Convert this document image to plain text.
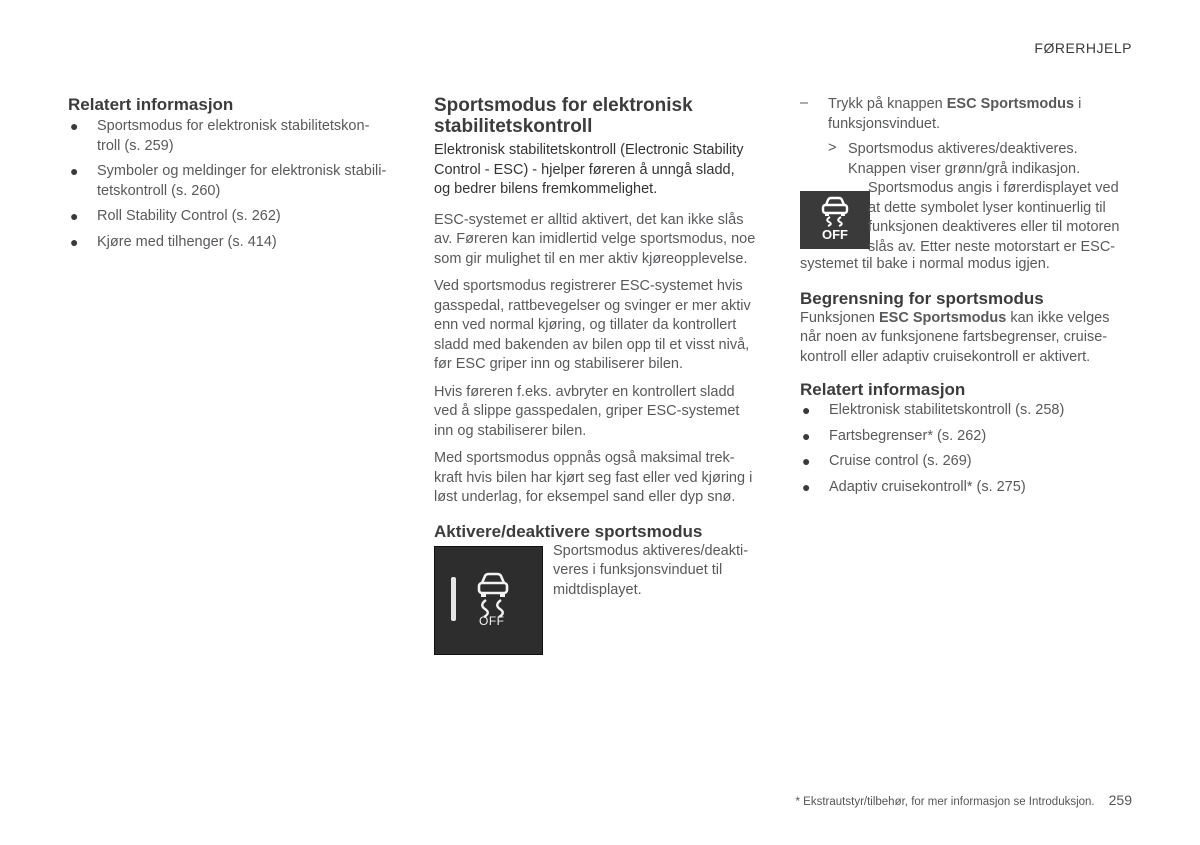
FØRERHJELP
Relatert informasjon
● Sportsmodus for elektronisk stabilitetskon-
troll (s. 259)
● Symboler og meldinger for elektronisk stabili-
tetskontroll (s. 260)
● Roll Stability Control (s. 262)
● Kjøre med tilhenger (s. 414)
Sportsmodus for elektronisk
stabilitetskontroll

Elektronisk stabilitetskontroll (Electronic Stability
Control - ESC) - hjelper føreren å unngå sladd,
og bedrer bilens fremkommelighet.

ESC-systemet er alltid aktivert, det kan ikke slås
av. Føreren kan imidlertid velge sportsmodus, noe
som gir mulighet til en mer aktiv kjøreopplevelse.

Ved sportsmodus registrerer ESC-systemet hvis
gasspedal, rattbevegelser og svinger er mer aktiv
enn ved normal kjøring, og tillater da kontrollert
sladd med bakenden av bilen opp til et visst nivå,
før ESC griper inn og stabiliserer bilen.

Hvis føreren f.eks. avbryter en kontrollert sladd
ved å slippe gasspedalen, griper ESC-systemet
inn og stabiliserer bilen.

Med sportsmodus oppnås også maksimal trek-
kraft hvis bilen har kjørt seg fast eller ved kjøring i
løst underlag, for eksempel sand eller dyp snø.

Aktivere/deaktivere sportsmodus
OFF

Sportsmodus aktiveres/deakti-
veres i funksjonsvinduet til
midtdisplayet.

– Trykk på knappen ESC Sportsmodus i
funksjonsvinduet.

> Sportsmodus aktiveres/deaktiveres.
Knappen viser grønn/grå indikasjon.

OFF

Sportsmodus angis i førerdisplayet ved
at dette symbolet lyser kontinuerlig til
funksjonen deaktiveres eller til motoren
slås av. Etter neste motorstart er ESC-

systemet til bake i normal modus igjen.

Begrensning for sportsmodus

Funksjonen ESC Sportsmodus kan ikke velges
når noen av funksjonene fartsbegrenser, cruise-
kontroll eller adaptiv cruisekontroll er aktivert.

Relatert informasjon
● Elektronisk stabilitetskontroll (s. 258)
● Fartsbegrenser* (s. 262)
● Cruise control (s. 269)
● Adaptiv cruisekontroll* (s. 275)
* Ekstrautstyr/tilbehør, for mer informasjon se Introduksjon. 259
